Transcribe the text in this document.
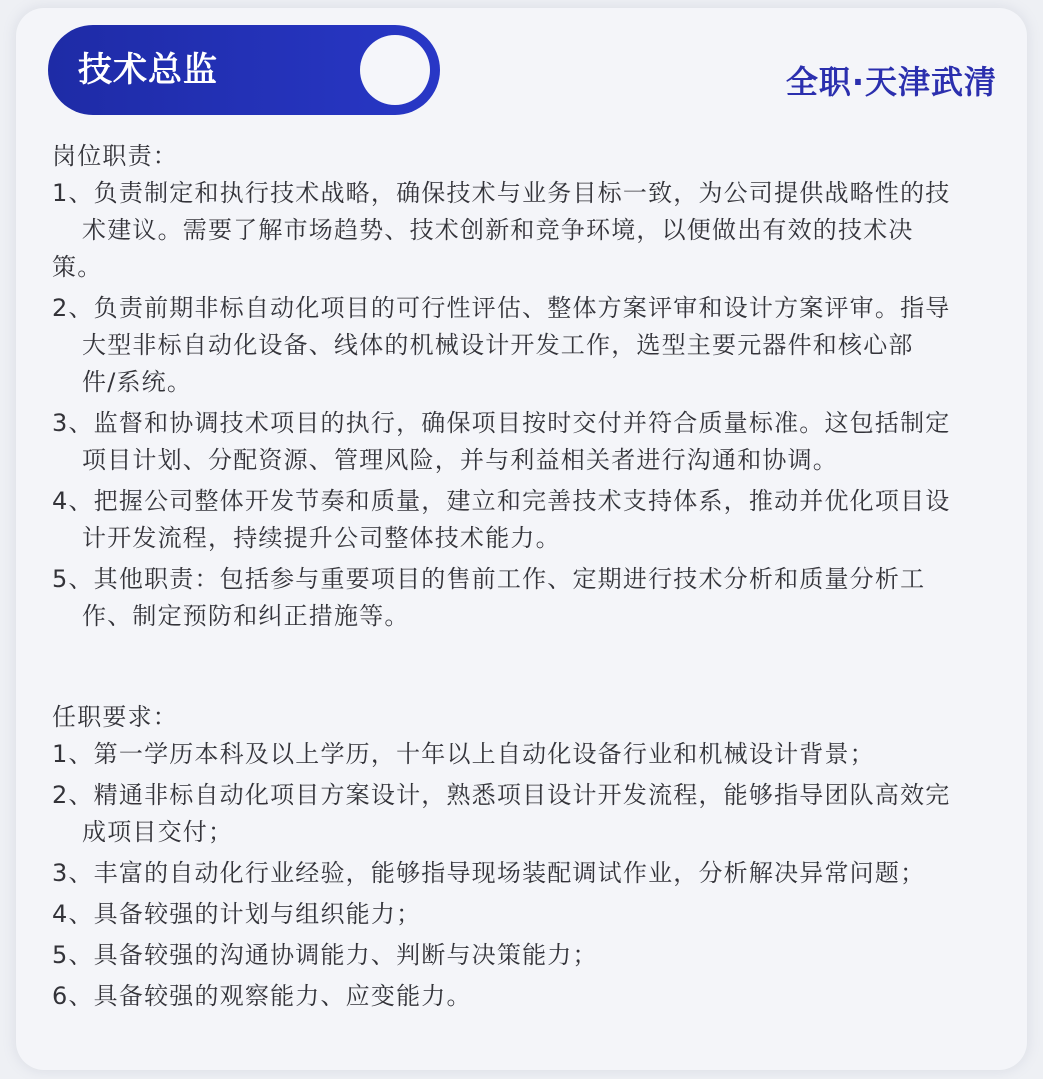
技术总监	全职·天津武清

岗位职责：

1、负责制定和执行技术战略，确保技术与业务目标一致，为公司提供战略性的技
术建议。需要了解市场趋势、技术创新和竞争环境，以便做出有效的技术决
策。
2、负责前期非标自动化项目的可行性评估、整体方案评审和设计方案评审。指导
大型非标自动化设备、线体的机械设计开发工作，选型主要元器件和核心部
件/系统。
3、监督和协调技术项目的执行，确保项目按时交付并符合质量标准。这包括制定
项目计划、分配资源、管理风险，并与利益相关者进行沟通和协调。
4、把握公司整体开发节奏和质量，建立和完善技术支持体系，推动并优化项目设
计开发流程，持续提升公司整体技术能力。
5、其他职责：包括参与重要项目的售前工作、定期进行技术分析和质量分析工
作、制定预防和纠正措施等。

任职要求：

1、第一学历本科及以上学历，十年以上自动化设备行业和机械设计背景；
2、精通非标自动化项目方案设计，熟悉项目设计开发流程，能够指导团队高效完
成项目交付；
3、丰富的自动化行业经验，能够指导现场装配调试作业，分析解决异常问题；
4、具备较强的计划与组织能力；
5、具备较强的沟通协调能力、判断与决策能力；
6、具备较强的观察能力、应变能力。
